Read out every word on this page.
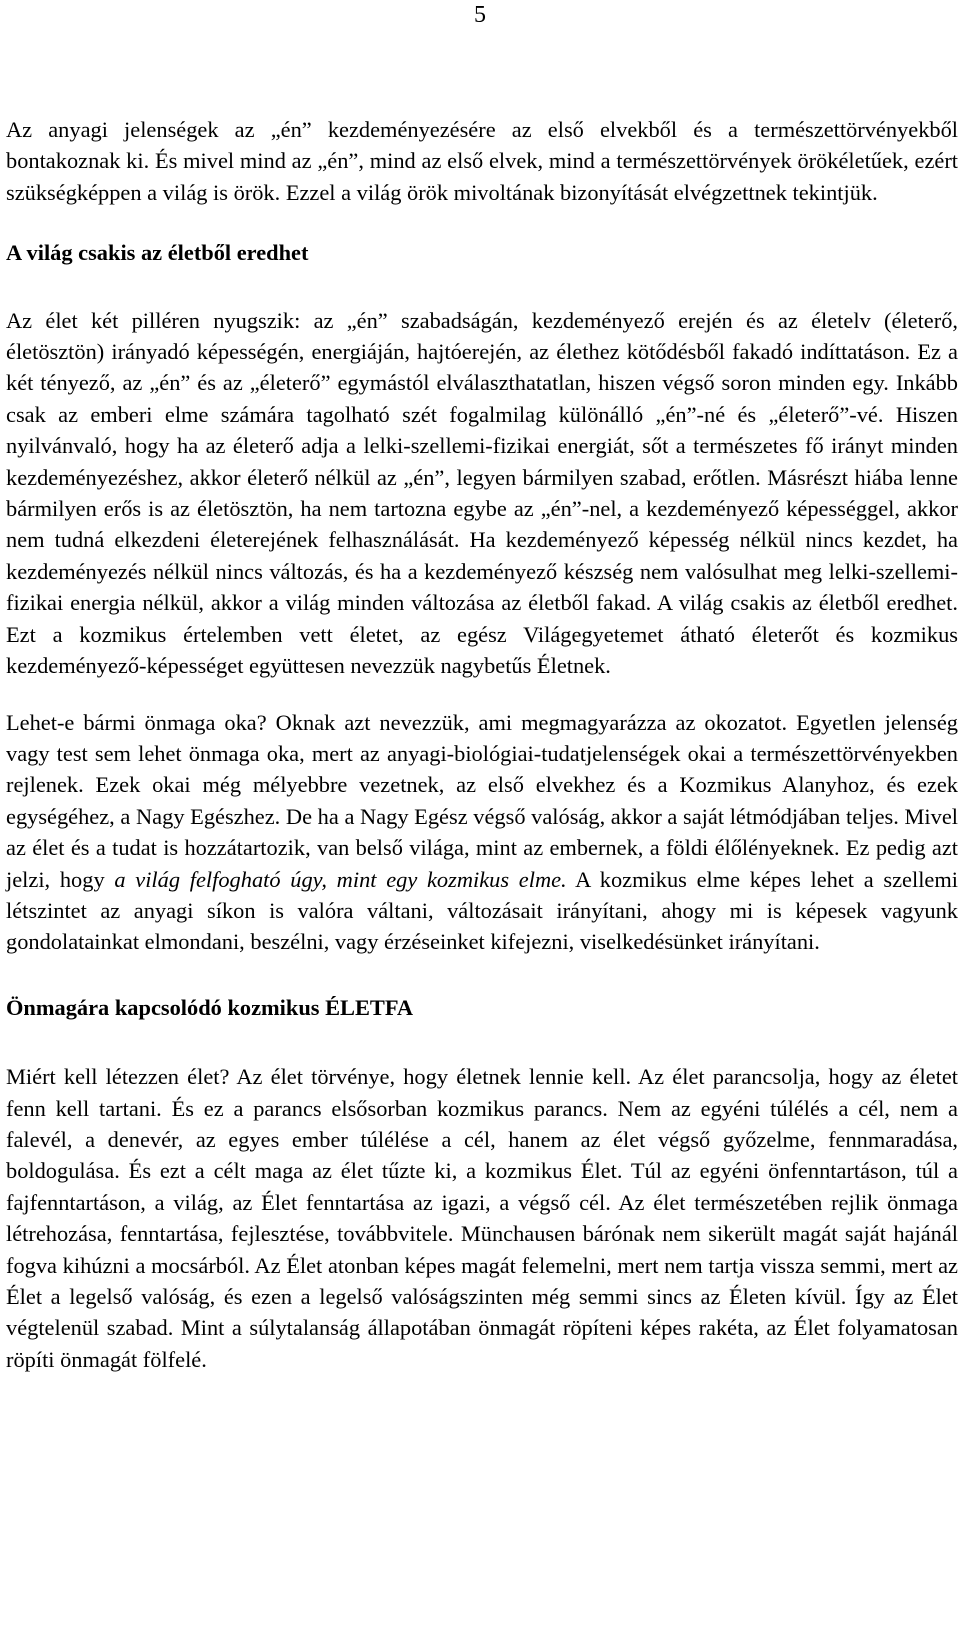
5

Az anyagi jelenségek az „én” kezdeményezésére az első elvekből és a természettörvényekből bontakoznak ki. És mivel mind az „én”, mind az első elvek, mind a természettörvények örökéletűek, ezért szükségképpen a világ is örök. Ezzel a világ örök mivoltának bizonyítását elvégzettnek tekintjük.

A világ csakis az életből eredhet

Az élet két pilléren nyugszik: az „én” szabadságán, kezdeményező erején és az életelv (életerő, életösztön) irányadó képességén, energiáján, hajtóerején, az élethez kötődésből fakadó indíttatáson. Ez a két tényező, az „én” és az „életerő” egymástól elválaszthatatlan, hiszen végső soron minden egy. Inkább csak az emberi elme számára tagolható szét fogalmilag különálló „én”-né és „életerő”-vé. Hiszen nyilvánvaló, hogy ha az életerő adja a lelki-szellemi-fizikai energiát, sőt a természetes fő irányt minden kezdeményezéshez, akkor életerő nélkül az „én”, legyen bármilyen szabad, erőtlen. Másrészt hiába lenne bármilyen erős is az életösztön, ha nem tartozna egybe az „én”-nel, a kezdeményező képességgel, akkor nem tudná elkezdeni életerejének felhasználását. Ha kezdeményező képesség nélkül nincs kezdet, ha kezdeményezés nélkül nincs változás, és ha a kezdeményező készség nem valósulhat meg lelki-szellemi-fizikai energia nélkül, akkor a világ minden változása az életből fakad. A világ csakis az életből eredhet. Ezt a kozmikus értelemben vett életet, az egész Világegyetemet átható életerőt és kozmikus kezdeményező-képességet együttesen nevezzük nagybetűs Életnek.

Lehet-e bármi önmaga oka? Oknak azt nevezzük, ami megmagyarázza az okozatot. Egyetlen jelenség vagy test sem lehet önmaga oka, mert az anyagi-biológiai-tudatjelenségek okai a természettörvényekben rejlenek. Ezek okai még mélyebbre vezetnek, az első elvekhez és a Kozmikus Alanyhoz, és ezek egységéhez, a Nagy Egészhez. De ha a Nagy Egész végső valóság, akkor a saját létmódjában teljes. Mivel az élet és a tudat is hozzátartozik, van belső világa, mint az embernek, a földi élőlényeknek. Ez pedig azt jelzi, hogy a világ felfogható úgy, mint egy kozmikus elme. A kozmikus elme képes lehet a szellemi létszintet az anyagi síkon is valóra váltani, változásait irányítani, ahogy mi is képesek vagyunk gondolatainkat elmondani, beszélni, vagy érzéseinket kifejezni, viselkedésünket irányítani.

Önmagára kapcsolódó kozmikus ÉLETFA

Miért kell létezzen élet? Az élet törvénye, hogy életnek lennie kell. Az élet parancsolja, hogy az életet fenn kell tartani. És ez a parancs elsősorban kozmikus parancs. Nem az egyéni túlélés a cél, nem a falevél, a denevér, az egyes ember túlélése a cél, hanem az élet végső győzelme, fennmaradása, boldogulása. És ezt a célt maga az élet tűzte ki, a kozmikus Élet. Túl az egyéni önfenntartáson, túl a fajfenntartáson, a világ, az Élet fenntartása az igazi, a végső cél. Az élet természetében rejlik önmaga létrehozása, fenntartása, fejlesztése, továbbvitele. Münchausen bárónak nem sikerült magát saját hajánál fogva kihúzni a mocsárból. Az Élet atonban képes magát felemelni, mert nem tartja vissza semmi, mert az Élet a legelső valóság, és ezen a legelső valóságszinten még semmi sincs az Életen kívül. Így az Élet végtelenül szabad. Mint a súlytalanság állapotában önmagát röpíteni képes rakéta, az Élet folyamatosan röpíti önmagát fölfelé.
